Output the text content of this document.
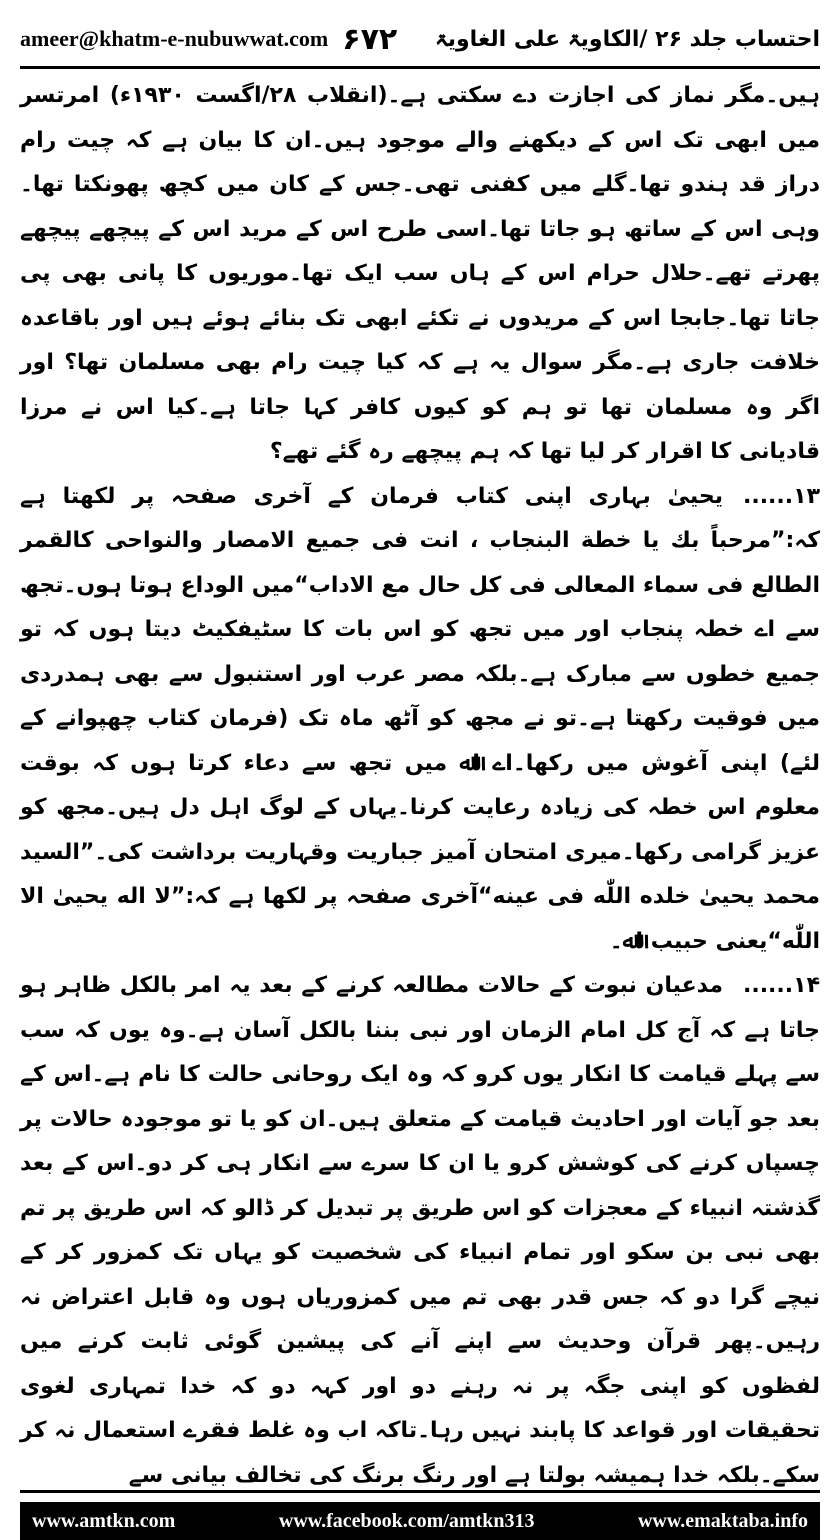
ameer@khatm-e-nubuwwat.com ۶۷۲ احتساب جلد ۲۶ /الکاویۃ علی الغاویۃ

ہیں۔مگر نماز کی اجازت دے سکتی ہے۔(انقلاب ۲۸/اگست ۱۹۳۰ء) امرتسر میں ابھی تک اس کے دیکھنے والے موجود ہیں۔ان کا بیان ہے کہ چیت رام دراز قد ہندو تھا۔گلے میں کفنی تھی۔جس کے کان میں کچھ پھونکتا تھا۔وہی اس کے ساتھ ہو جاتا تھا۔اسی طرح اس کے مرید اس کے پیچھے پیچھے پھرتے تھے۔حلال حرام اس کے ہاں سب ایک تھا۔موریوں کا پانی بھی پی جاتا تھا۔جابجا اس کے مریدوں نے تکئے ابھی تک بنائے ہوئے ہیں اور باقاعدہ خلافت جاری ہے۔مگر سوال یہ ہے کہ کیا چیت رام بھی مسلمان تھا؟ اور اگر وہ مسلمان تھا تو ہم کو کیوں کافر کہا جاتا ہے۔کیا اس نے مرزا قادیانی کا اقرار کر لیا تھا کہ ہم پیچھے رہ گئے تھے؟

۱۳......یحییٰ بہاری اپنی کتاب فرمان کے آخری صفحہ پر لکھتا ہے کہ:”مرحباً بك یا خطة البنجاب ، انت فی جمیع الامصار والنواحی کالقمر الطالع فی سماء المعالی فی کل حال مع الاداب“میں الوداع ہوتا ہوں۔تجھ سے اے خطہ پنجاب اور میں تجھ کو اس بات کا سٹیفکیٹ دیتا ہوں کہ تو جمیع خطوں سے مبارک ہے۔بلکہ مصر عرب اور استنبول سے بھی ہمدردی میں فوقیت رکھتا ہے۔تو نے مجھ کو آٹھ ماہ تک (فرمان کتاب چھپوانے کے لئے) اپنی آغوش میں رکھا۔اے اﷲ میں تجھ سے دعاء کرتا ہوں کہ بوقت معلوم اس خطہ کی زیادہ رعایت کرنا۔یہاں کے لوگ اہل دل ہیں۔مجھ کو عزیز گرامی رکھا۔میری امتحان آمیز جباریت وقہاریت برداشت کی۔”السید محمد یحییٰ خلده اللّٰه فی عینه“آخری صفحہ پر لکھا ہے کہ:”لا اله یحییٰ الا اللّٰه“یعنی حبیب اﷲ۔

۱۴......مدعیان نبوت کے حالات مطالعہ کرنے کے بعد یہ امر بالکل ظاہر ہو جاتا ہے کہ آج کل امام الزمان اور نبی بننا بالکل آسان ہے۔وہ یوں کہ سب سے پہلے قیامت کا انکار یوں کرو کہ وہ ایک روحانی حالت کا نام ہے۔اس کے بعد جو آیات اور احادیث قیامت کے متعلق ہیں۔ان کو یا تو موجودہ حالات پر چسپاں کرنے کی کوشش کرو یا ان کا سرے سے انکار ہی کر دو۔اس کے بعد گذشتہ انبیاء کے معجزات کو اس طریق پر تبدیل کر ڈالو کہ اس طریق پر تم بھی نبی بن سکو اور تمام انبیاء کی شخصیت کو یہاں تک کمزور کر کے نیچے گرا دو کہ جس قدر بھی تم میں کمزوریاں ہوں وہ قابل اعتراض نہ رہیں۔پھر قرآن وحدیث سے اپنے آنے کی پیشین گوئی ثابت کرنے میں لفظوں کو اپنی جگہ پر نہ رہنے دو اور کہہ دو کہ خدا تمہاری لغوی تحقیقات اور قواعد کا پابند نہیں رہا۔تاکہ اب وہ غلط فقرے استعمال نہ کر سکے۔بلکہ خدا ہمیشہ بولتا ہے اور رنگ برنگ کی تخالف بیانی سے

www.amtkn.com	www.facebook.com/amtkn313	www.emaktaba.info
